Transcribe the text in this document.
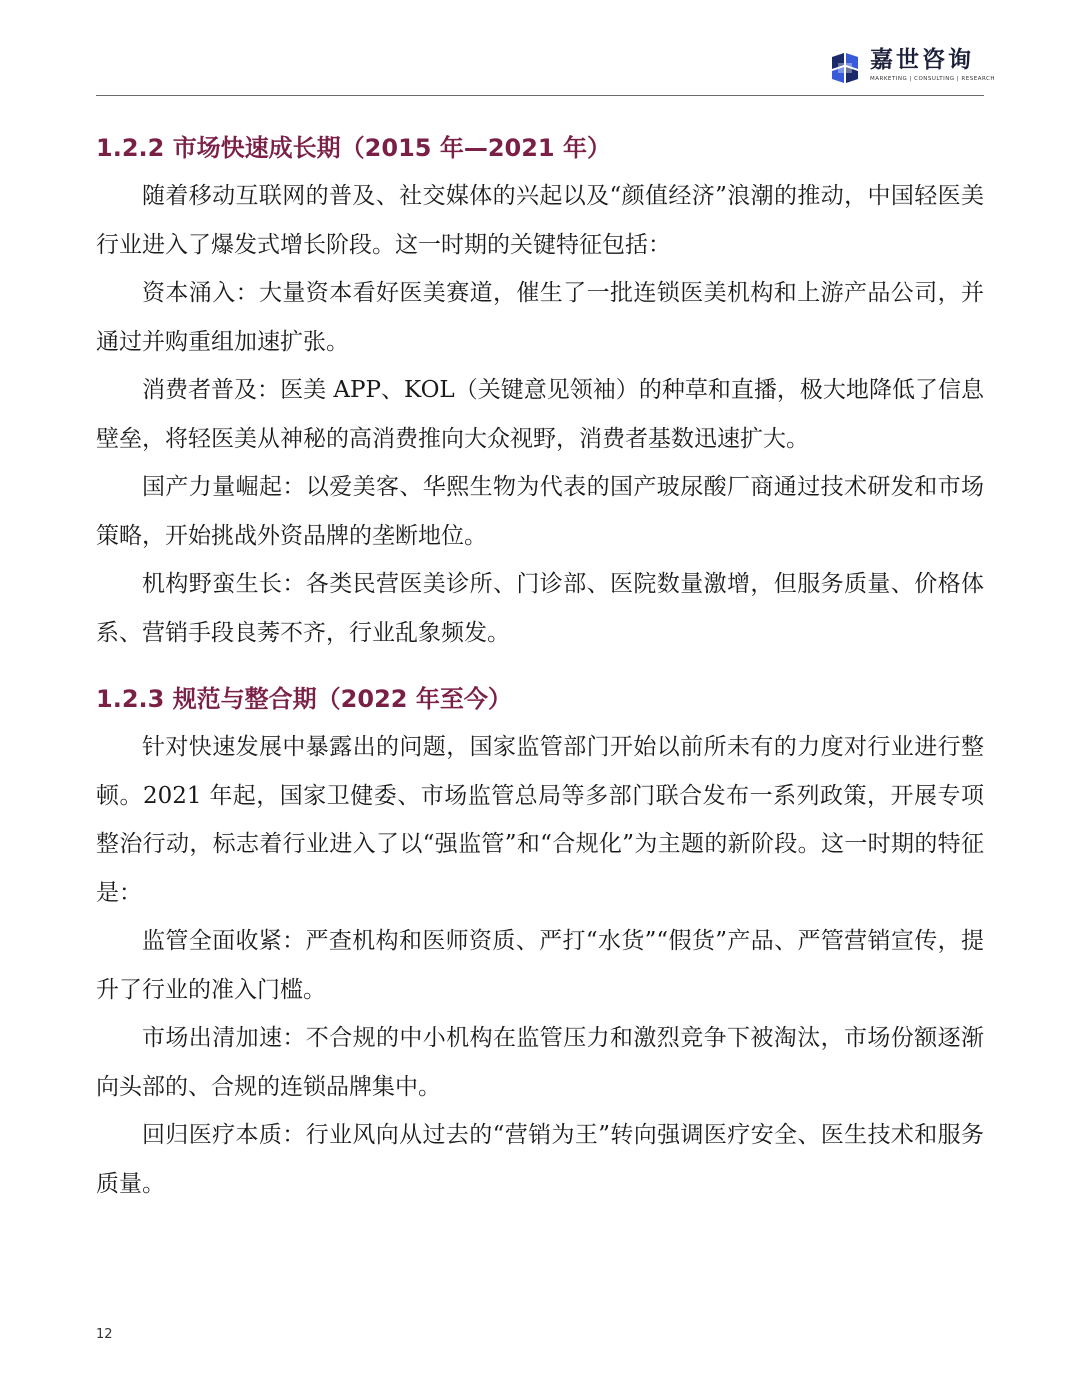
嘉世咨询
MARKETING | CONSULTING | RESEARCH
1.2.2 市场快速成长期（2015 年—2021 年）

随着移动互联网的普及、社交媒体的兴起以及“颜值经济”浪潮的推动，中国轻医美行业进入了爆发式增长阶段。这一时期的关键特征包括：

资本涌入：大量资本看好医美赛道，催生了一批连锁医美机构和上游产品公司，并通过并购重组加速扩张。

消费者普及：医美 APP、KOL（关键意见领袖）的种草和直播，极大地降低了信息壁垒，将轻医美从神秘的高消费推向大众视野，消费者基数迅速扩大。

国产力量崛起：以爱美客、华熙生物为代表的国产玻尿酸厂商通过技术研发和市场策略，开始挑战外资品牌的垄断地位。

机构野蛮生长：各类民营医美诊所、门诊部、医院数量激增，但服务质量、价格体系、营销手段良莠不齐，行业乱象频发。

1.2.3 规范与整合期（2022 年至今）

针对快速发展中暴露出的问题，国家监管部门开始以前所未有的力度对行业进行整顿。2021 年起，国家卫健委、市场监管总局等多部门联合发布一系列政策，开展专项整治行动，标志着行业进入了以“强监管”和“合规化”为主题的新阶段。这一时期的特征是：

监管全面收紧：严查机构和医师资质、严打“水货”“假货”产品、严管营销宣传，提升了行业的准入门槛。

市场出清加速：不合规的中小机构在监管压力和激烈竞争下被淘汰，市场份额逐渐向头部的、合规的连锁品牌集中。

回归医疗本质：行业风向从过去的“营销为王”转向强调医疗安全、医生技术和服务质量。

12
